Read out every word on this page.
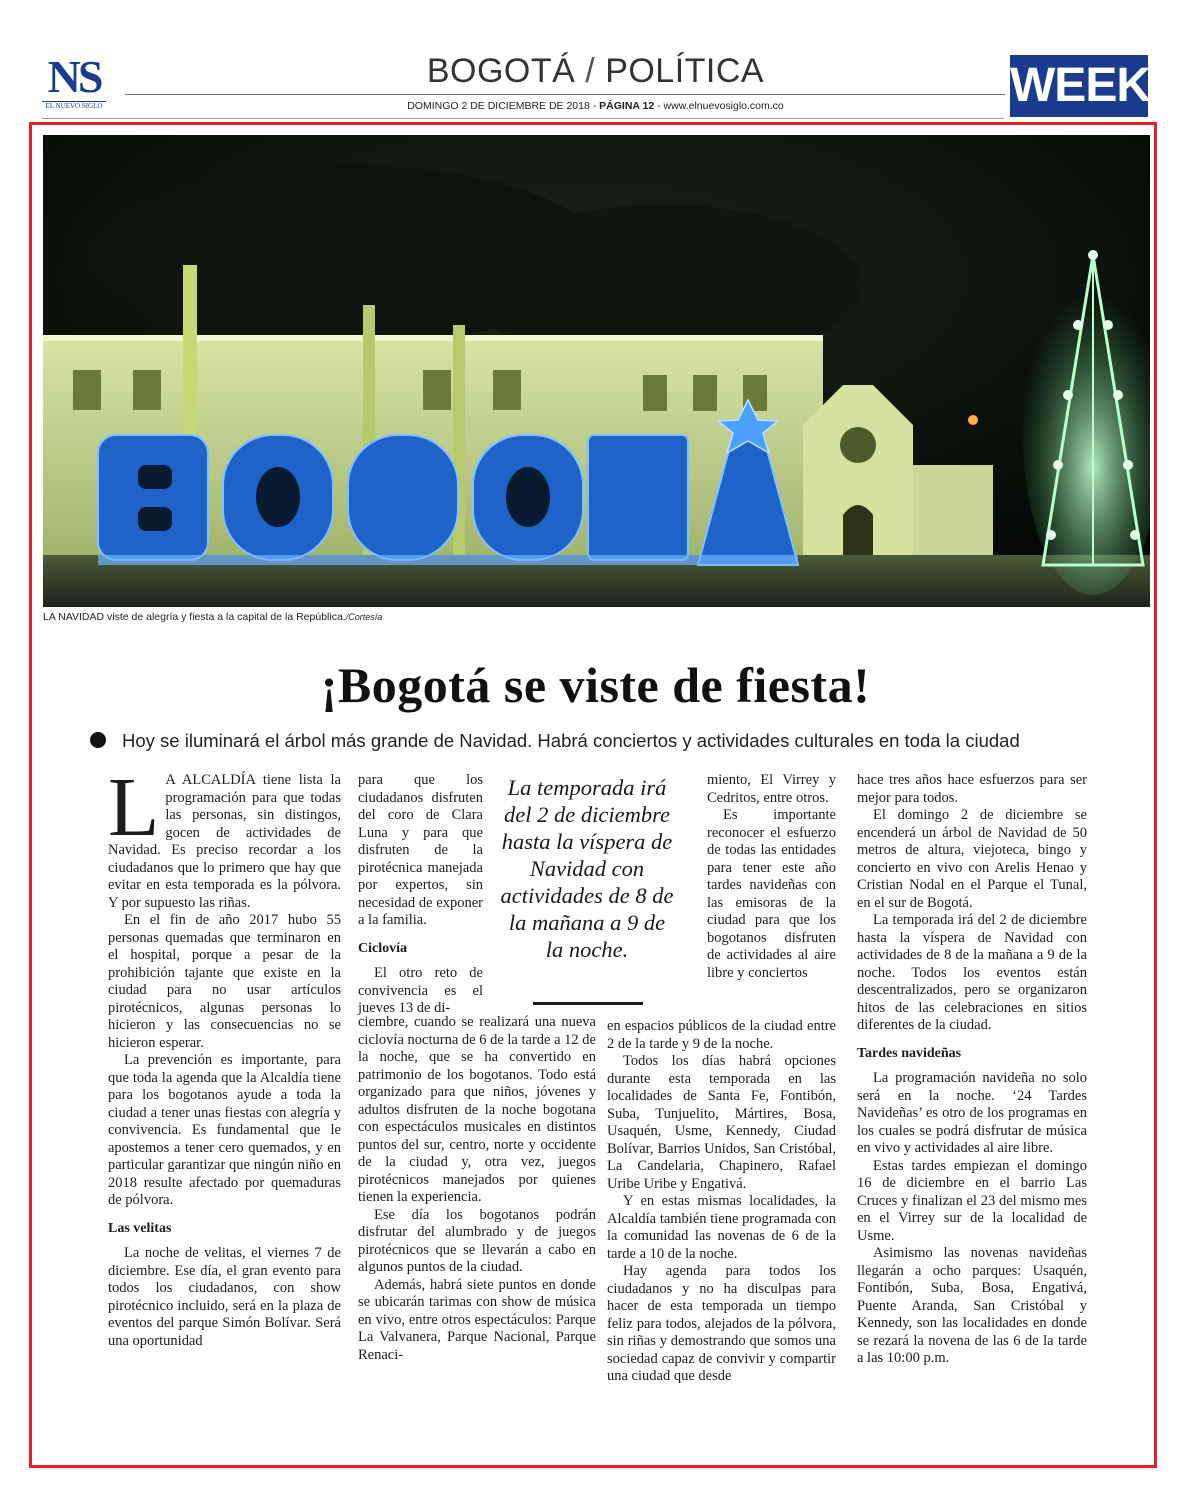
NS
EL NUEVO SIGLO
BOGOTÁ / POLÍTICA
DOMINGO 2 DE DICIEMBRE DE 2018 - PÁGINA 12 - www.elnuevosiglo.com.co	WEEK
LA NAVIDAD viste de alegría y fiesta a la capital de la República./Cortesía
¡Bogotá se viste de fiesta!
Hoy se iluminará el árbol más grande de Navidad. Habrá conciertos y actividades culturales en toda la ciudad

L A ALCALDÍA tiene lista la programación para que todas las personas, sin distingos, gocen de actividades de Navidad. Es preciso recordar a los ciudadanos que lo primero que hay que evitar en esta temporada es la pólvora. Y por supuesto las riñas.

En el fin de año 2017 hubo 55 personas quemadas que terminaron en el hospital, porque a pesar de la prohibición tajante que existe en la ciudad para no usar artículos pirotécnicos, algunas personas lo hicieron y las consecuencias no se hicieron esperar.

La prevención es importante, para que toda la agenda que la Alcaldía tiene para los bogotanos ayude a toda la ciudad a tener unas fiestas con alegría y convivencia. Es fundamental que le apostemos a tener cero quemados, y en particular garantizar que ningún niño en 2018 resulte afectado por quemaduras de pólvora.

Las velitas

La noche de velitas, el viernes 7 de diciembre. Ese día, el gran evento para todos los ciudadanos, con show pirotécnico incluido, será en la plaza de eventos del parque Simón Bolívar. Será una oportunidad

para que los ciudadanos disfruten del coro de Clara Luna y para que disfruten de la pirotécnica manejada por expertos, sin necesidad de exponer a la familia.

Ciclovía

El otro reto de convivencia es el jueves 13 de di-

ciembre, cuando se realizará una nueva ciclovía nocturna de 6 de la tarde a 12 de la noche, que se ha convertido en patrimonio de los bogotanos. Todo está organizado para que niños, jóvenes y adultos disfruten de la noche bogotana con espectáculos musicales en distintos puntos del sur, centro, norte y occidente de la ciudad y, otra vez, juegos pirotécnicos manejados por quienes tienen la experiencia.

Ese día los bogotanos podrán disfrutar del alumbrado y de juegos pirotécnicos que se llevarán a cabo en algunos puntos de la ciudad.

Además, habrá siete puntos en donde se ubicarán tarimas con show de música en vivo, entre otros espectáculos: Parque La Valvanera, Parque Nacional, Parque Renaci-

La temporada irá del 2 de diciembre hasta la víspera de Navidad con actividades de 8 de la mañana a 9 de la noche.

miento, El Virrey y Cedritos, entre otros.

Es importante reconocer el esfuerzo de todas las entidades para tener este año tardes navideñas con las emisoras de la ciudad para que los bogotanos disfruten de actividades al aire libre y conciertos

en espacios públicos de la ciudad entre 2 de la tarde y 9 de la noche.

Todos los días habrá opciones durante esta temporada en las localidades de Santa Fe, Fontibón, Suba, Tunjuelito, Mártires, Bosa, Usaquén, Usme, Kennedy, Ciudad Bolívar, Barrios Unidos, San Cristóbal, La Candelaria, Chapinero, Rafael Uribe Uribe y Engativá.

Y en estas mismas localidades, la Alcaldía también tiene programada con la comunidad las novenas de 6 de la tarde a 10 de la noche.

Hay agenda para todos los ciudadanos y no ha disculpas para hacer de esta temporada un tiempo feliz para todos, alejados de la pólvora, sin riñas y demostrando que somos una sociedad capaz de convivir y compartir una ciudad que desde

hace tres años hace esfuerzos para ser mejor para todos.

El domingo 2 de diciembre se encenderá un árbol de Navidad de 50 metros de altura, viejoteca, bingo y concierto en vivo con Arelis Henao y Cristian Nodal en el Parque el Tunal, en el sur de Bogotá.

La temporada irá del 2 de diciembre hasta la víspera de Navidad con actividades de 8 de la mañana a 9 de la noche. Todos los eventos están descentralizados, pero se organizaron hitos de las celebraciones en sitios diferentes de la ciudad.

Tardes navideñas

La programación navideña no solo será en la noche. ‘24 Tardes Navideñas’ es otro de los programas en los cuales se podrá disfrutar de música en vivo y actividades al aire libre.

Estas tardes empiezan el domingo 16 de diciembre en el barrio Las Cruces y finalizan el 23 del mismo mes en el Virrey sur de la localidad de Usme.

Asimismo las novenas navideñas llegarán a ocho parques: Usaquén, Fontibón, Suba, Bosa, Engativá, Puente Aranda, San Cristóbal y Kennedy, son las localidades en donde se rezará la novena de las 6 de la tarde a las 10:00 p.m.
